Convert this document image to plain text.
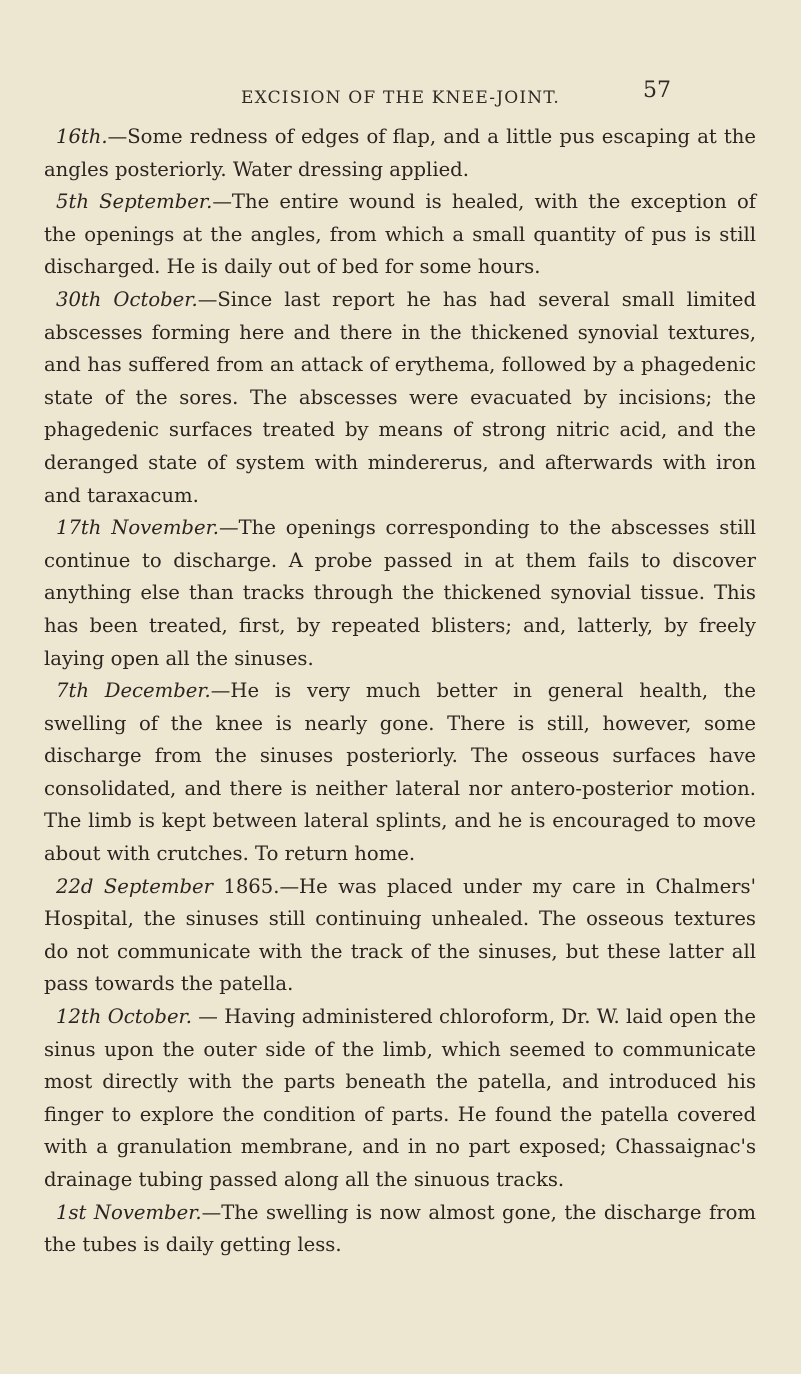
EXCISION OF THE KNEE-JOINT.	57

16th.—Some redness of edges of flap, and a little pus escaping at the angles posteriorly. Water dressing applied.

5th September.—The entire wound is healed, with the exception of the openings at the angles, from which a small quantity of pus is still discharged. He is daily out of bed for some hours.

30th October.—Since last report he has had several small limited abscesses forming here and there in the thickened synovial textures, and has suffered from an attack of erythema, followed by a phagedenic state of the sores. The abscesses were evacuated by incisions; the phagedenic surfaces treated by means of strong nitric acid, and the deranged state of system with mindererus, and afterwards with iron and taraxacum.

17th November.—The openings corresponding to the abscesses still continue to discharge. A probe passed in at them fails to discover anything else than tracks through the thickened synovial tissue. This has been treated, first, by repeated blisters; and, latterly, by freely laying open all the sinuses.

7th December.—He is very much better in general health, the swelling of the knee is nearly gone. There is still, however, some discharge from the sinuses posteriorly. The osseous surfaces have consolidated, and there is neither lateral nor antero-posterior motion. The limb is kept between lateral splints, and he is encouraged to move about with crutches. To return home.

22d September 1865.—He was placed under my care in Chalmers' Hospital, the sinuses still continuing unhealed. The osseous textures do not communicate with the track of the sinuses, but these latter all pass towards the patella.

12th October. — Having administered chloroform, Dr. W. laid open the sinus upon the outer side of the limb, which seemed to communicate most directly with the parts beneath the patella, and introduced his finger to explore the condition of parts. He found the patella covered with a granulation membrane, and in no part exposed; Chassaignac's drainage tubing passed along all the sinuous tracks.

1st November.—The swelling is now almost gone, the discharge from the tubes is daily getting less.
